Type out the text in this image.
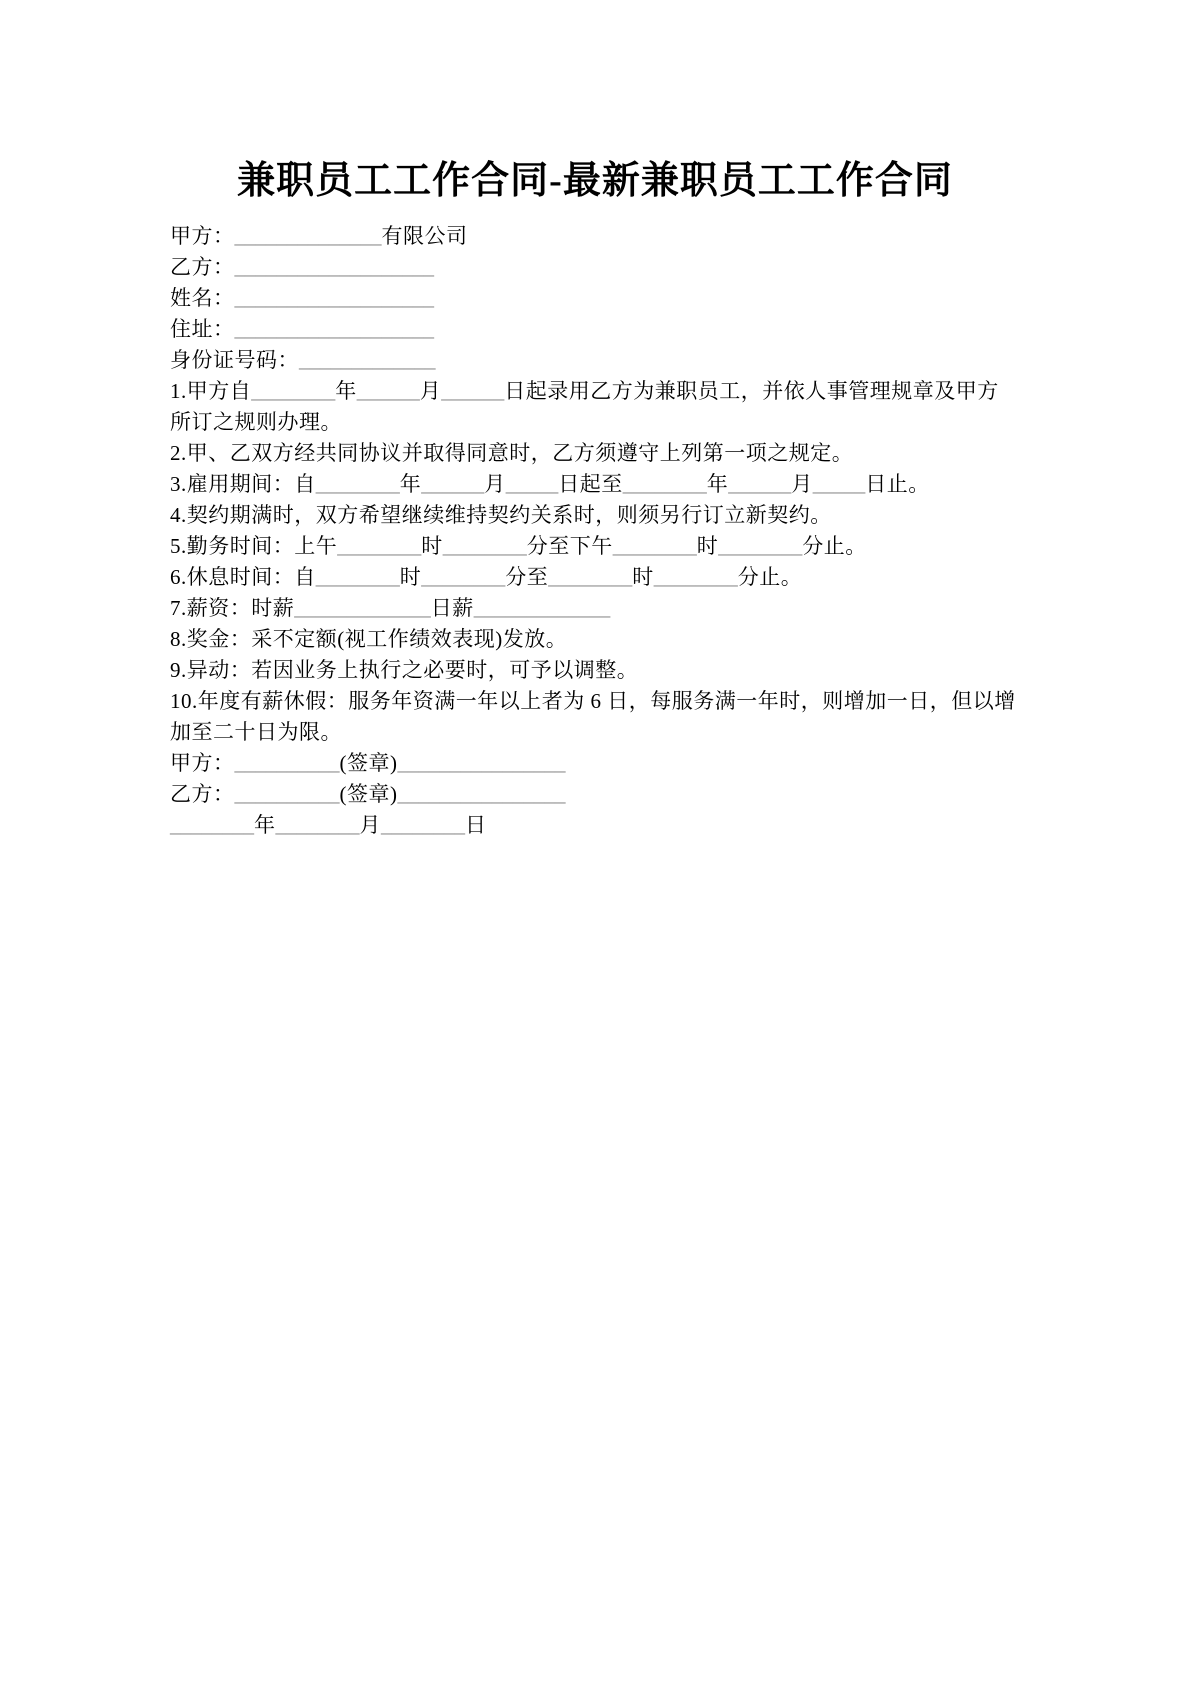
兼职员工工作合同-最新兼职员工工作合同
甲方：______________有限公司
乙方：___________________
姓名：___________________
住址：___________________
身份证号码：_____________
1.甲方自________年______月______日起录用乙方为兼职员工，并依人事管理规章及甲方
所订之规则办理。
2.甲、乙双方经共同协议并取得同意时，乙方须遵守上列第一项之规定。
3.雇用期间：自________年______月_____日起至________年______月_____日止。
4.契约期满时，双方希望继续维持契约关系时，则须另行订立新契约。
5.勤务时间：上午________时________分至下午________时________分止。
6.休息时间：自________时________分至________时________分止。
7.薪资：时薪_____________日薪_____________
8.奖金：采不定额(视工作绩效表现)发放。
9.异动：若因业务上执行之必要时，可予以调整。
10.年度有薪休假：服务年资满一年以上者为 6 日，每服务满一年时，则增加一日，但以增
加至二十日为限。
甲方：__________(签章)________________
乙方：__________(签章)________________
________年________月________日
